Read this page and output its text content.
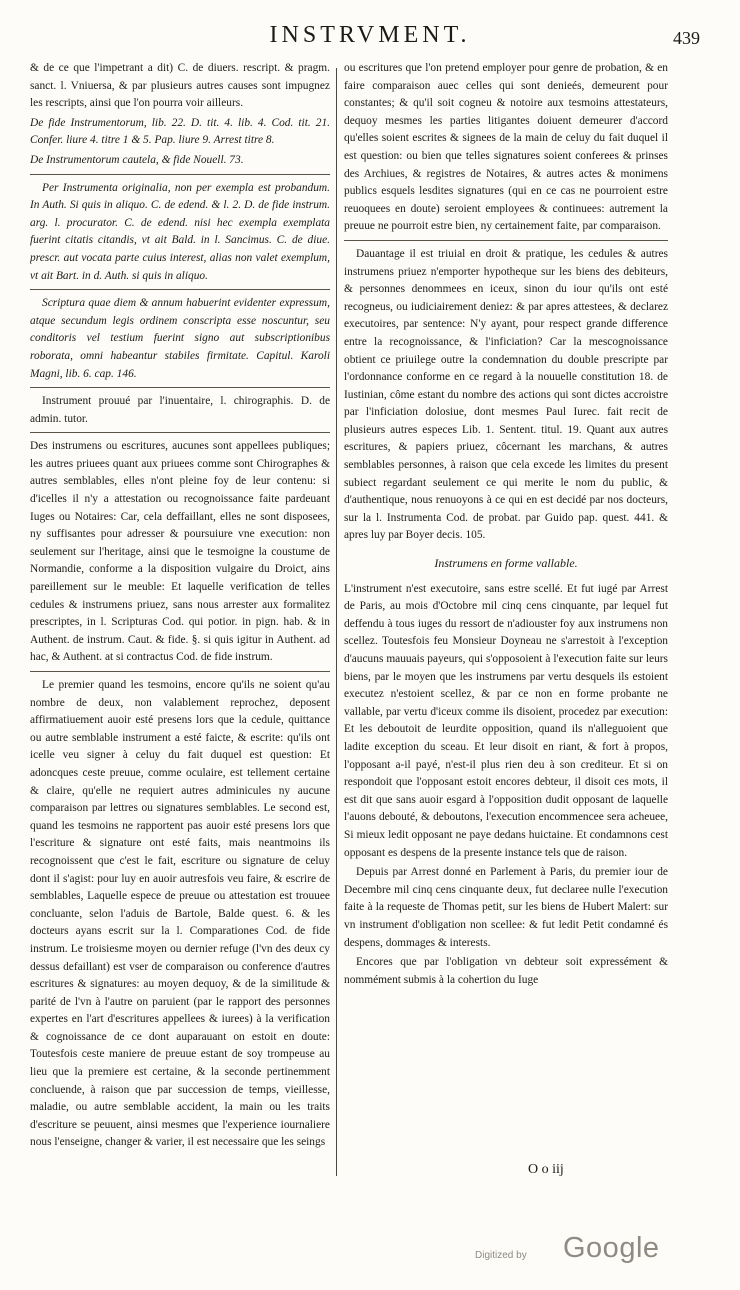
INSTRVMENT.	439

& de ce que l'impetrant a dit) C. de diuers. rescript. & pragm. sanct. l. Vniuersa, & par plusieurs autres causes sont impugnez les rescripts, ainsi que l'on pourra voir ailleurs.

De fide Instrumentorum, lib. 22. D. tit. 4. lib. 4. Cod. tit. 21. Confer. liure 4. titre 1 & 5. Pap. liure 9. Arrest titre 8.

De Instrumentorum cautela, & fide Nouell. 73.

Per Instrumenta originalia, non per exempla est probandum. In Auth. Si quis in aliquo. C. de edend. & l. 2. D. de fide instrum. arg. l. procurator. C. de edend. nisi hec exempla exemplata fuerint citatis citandis, vt ait Bald. in l. Sancimus. C. de diue. prescr. aut vocata parte cuius interest, alias non valet exemplum, vt ait Bart. in d. Auth. si quis in aliquo.

Scriptura quae diem & annum habuerint evidenter expressum, atque secundum legis ordinem conscripta esse noscuntur, seu conditoris vel testium fuerint signo aut subscriptionibus roborata, omni habeantur stabiles firmitate. Capitul. Karoli Magni, lib. 6. cap. 146.

Instrument prouué par l'inuentaire, l. chirographis. D. de admin. tutor.

Des instrumens ou escritures, aucunes sont appellees publiques; les autres priuees quant aux priuees comme sont Chirographes & autres semblables, elles n'ont pleine foy de leur contenu: si d'icelles il n'y a attestation ou recognoissance faite pardeuant Iuges ou Notaires: Car, cela deffaillant, elles ne sont disposees, ny suffisantes pour adresser & poursuiure vne execution: non seulement sur l'heritage, ainsi que le tesmoigne la coustume de Normandie, conforme a la disposition vulgaire du Droict, ains pareillement sur le meuble: Et laquelle verification de telles cedules & instrumens priuez, sans nous arrester aux formalitez prescriptes, in l. Scripturas Cod. qui potior. in pign. hab. & in Authent. de instrum. Caut. & fide. §. si quis igitur in Authent. ad hac, & Authent. at si contractus Cod. de fide instrum.

Le premier quand les tesmoins, encore qu'ils ne soient qu'au nombre de deux, non valablement reprochez, deposent affirmatiuement auoir esté presens lors que la cedule, quittance ou autre semblable instrument a esté faicte, & escrite: qu'ils ont icelle veu signer à celuy du fait duquel est question: Et adoncques ceste preuue, comme oculaire, est tellement certaine & claire, qu'elle ne requiert autres adminicules ny aucune comparaison par lettres ou signatures semblables. Le second est, quand les tesmoins ne rapportent pas auoir esté presens lors que l'escriture & signature ont esté faits, mais neantmoins ils recognoissent que c'est le fait, escriture ou signature de celuy dont il s'agist: pour luy en auoir autresfois veu faire, & escrire de semblables, Laquelle espece de preuue ou attestation est trouuee concluante, selon l'aduis de Bartole, Balde quest. 6. & les docteurs ayans escrit sur la l. Comparationes Cod. de fide instrum. Le troisiesme moyen ou dernier refuge (l'vn des deux cy dessus defaillant) est vser de comparaison ou conference d'autres escritures & signatures: au moyen dequoy, & de la similitude & parité de l'vn à l'autre on paruient (par le rapport des personnes expertes en l'art d'escritures appellees & iurees) à la verification & cognoissance de ce dont auparauant on estoit en doute: Toutesfois ceste maniere de preuue estant de soy trompeuse au lieu que la premiere est certaine, & la seconde pertinemment concluende, à raison que par succession de temps, vieillesse, maladie, ou autre semblable accident, la main ou les traits d'escriture se peuuent, ainsi mesmes que l'experience iournaliere nous l'enseigne, changer & varier, il est necessaire que les seings

ou escritures que l'on pretend employer pour genre de probation, & en faire comparaison auec celles qui sont denieés, demeurent pour constantes; & qu'il soit cogneu & notoire aux tesmoins attestateurs, dequoy mesmes les parties litigantes doiuent demeurer d'accord qu'elles soient escrites & signees de la main de celuy du fait duquel il est question: ou bien que telles signatures soient conferees & prinses des Archiues, & registres de Notaires, & autres actes & monimens publics esquels lesdites signatures (qui en ce cas ne pourroient estre reuoquees en doute) seroient employees & continuees: autrement la preuue ne pourroit estre bien, ny certainement faite, par comparaison.

Dauantage il est triuial en droit & pratique, les cedules & autres instrumens priuez n'emporter hypotheque sur les biens des debiteurs, & personnes denommees en iceux, sinon du iour qu'ils ont esté recogneus, ou iudiciairement deniez: & par apres attestees, & declarez executoires, par sentence: N'y ayant, pour respect grande difference entre la recognoissance, & l'inficiation? Car la mescognoissance obtient ce priuilege outre la condemnation du double prescripte par l'ordonnance conforme en ce regard à la nouuelle constitution 18. de Iustinian, côme estant du nombre des actions qui sont dictes accroistre par l'inficiation dolosiue, dont mesmes Paul Iurec. fait recit de plusieurs autres especes Lib. 1. Sentent. titul. 19. Quant aux autres escritures, & papiers priuez, côcernant les marchans, & autres semblables personnes, à raison que cela excede les limites du present subiect regardant seulement ce qui merite le nom du public, & d'authentique, nous renuoyons à ce qui en est decidé par nos docteurs, sur la l. Instrumenta Cod. de probat. par Guido pap. quest. 441. & apres luy par Boyer decis. 105.

Instrumens en forme vallable.

L'instrument n'est executoire, sans estre scellé. Et fut iugé par Arrest de Paris, au mois d'Octobre mil cinq cens cinquante, par lequel fut deffendu à tous iuges du ressort de n'adiouster foy aux instrumens non scellez. Toutesfois feu Monsieur Doyneau ne s'arrestoit à l'exception d'aucuns mauuais payeurs, qui s'opposoient à l'execution faite sur leurs biens, par le moyen que les instrumens par vertu desquels ils estoient executez n'estoient scellez, & par ce non en forme probante ne vallable, par vertu d'iceux comme ils disoient, procedez par execution: Et les deboutoit de leurdite opposition, quand ils n'alleguoient que ladite exception du sceau. Et leur disoit en riant, & fort à propos, l'opposant a-il payé, n'est-il plus rien deu à son crediteur. Et si on respondoit que l'opposant estoit encores debteur, il disoit ces mots, il est dit que sans auoir esgard à l'opposition dudit opposant de laquelle l'auons debouté, & deboutons, l'execution encommencee sera acheuee, Si mieux ledit opposant ne paye dedans huictaine. Et condamnons cest opposant es despens de la presente instance tels que de raison.

Depuis par Arrest donné en Parlement à Paris, du premier iour de Decembre mil cinq cens cinquante deux, fut declaree nulle l'execution faite à la requeste de Thomas petit, sur les biens de Hubert Malert: sur vn instrument d'obligation non scellee: & fut ledit Petit condamné és despens, dommages & interests.

Encores que par l'obligation vn debteur soit expressément & nommément submis à la cohertion du Iuge

O o iij
Digitized by Google
